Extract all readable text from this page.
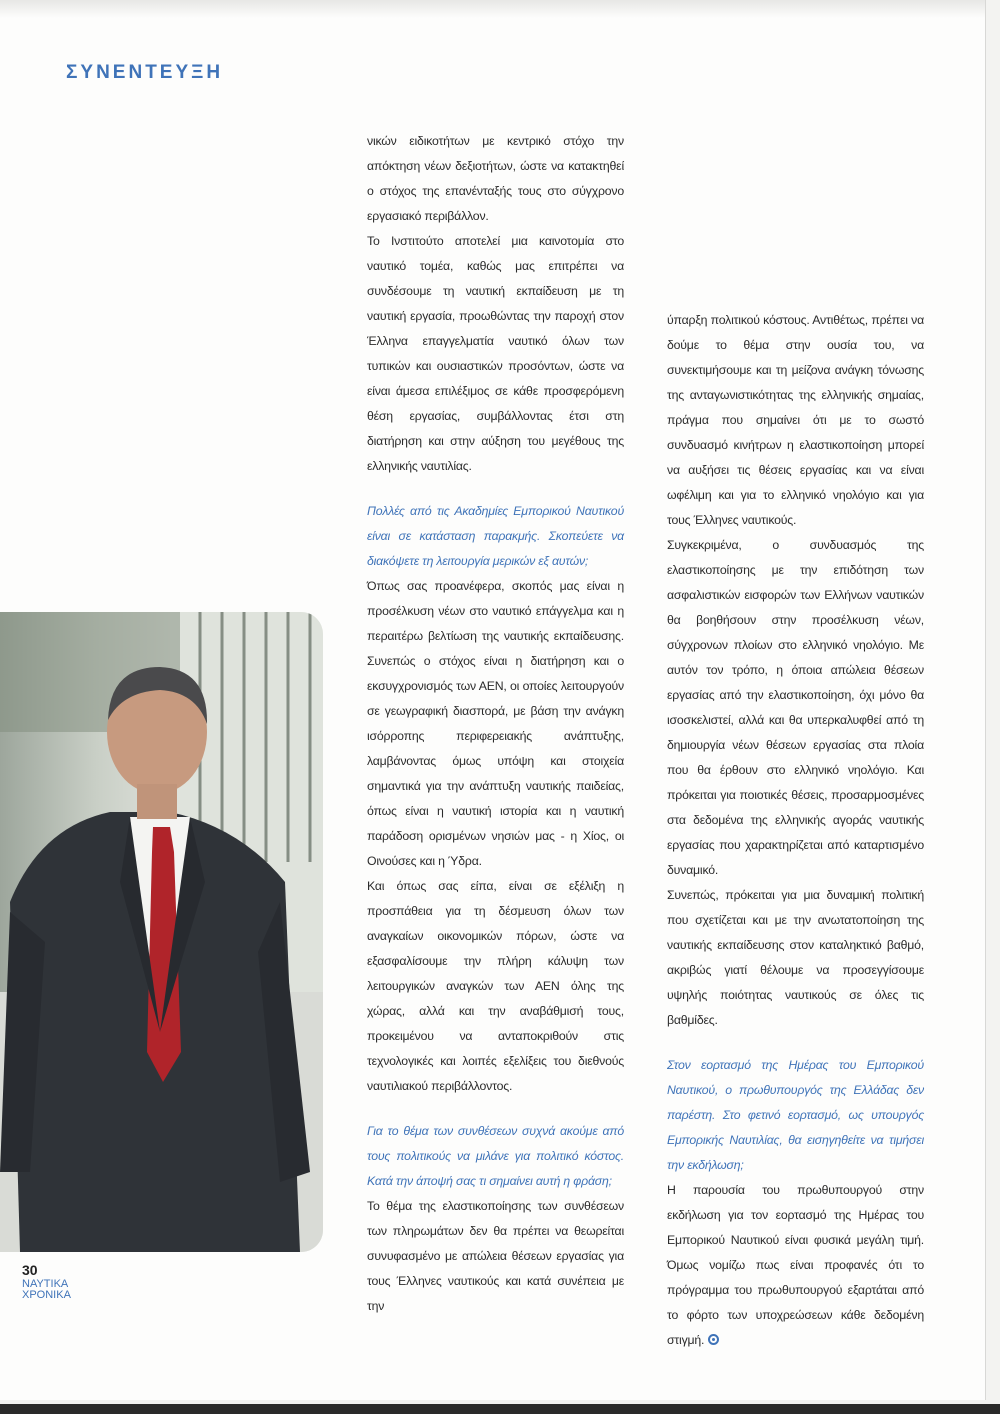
ΣΥΝΕΝΤΕΥΞΗ

νικών ειδικοτήτων με κεντρικό στόχο την απόκτηση νέων δεξιοτήτων, ώστε να κατακτηθεί ο στόχος της επανένταξής τους στο σύγχρονο εργασιακό περιβάλλον.

Το Ινστιτούτο αποτελεί μια καινοτομία στο ναυτικό τομέα, καθώς μας επιτρέπει να συνδέσουμε τη ναυτική εκπαίδευση με τη ναυτική εργασία, προωθώντας την παροχή στον Έλληνα επαγγελματία ναυτικό όλων των τυπικών και ουσιαστικών προσόντων, ώστε να είναι άμεσα επιλέξιμος σε κάθε προσφερόμενη θέση εργασίας, συμβάλλοντας έτσι στη διατήρηση και στην αύξηση του μεγέθους της ελληνικής ναυτιλίας.

Πολλές από τις Ακαδημίες Εμπορικού Ναυτικού είναι σε κατάσταση παρακμής. Σκοπεύετε να διακόψετε τη λειτουργία μερικών εξ αυτών;

Όπως σας προανέφερα, σκοπός μας είναι η προσέλκυση νέων στο ναυτικό επάγγελμα και η περαιτέρω βελτίωση της ναυτικής εκπαίδευσης. Συνεπώς ο στόχος είναι η διατήρηση και ο εκσυγχρονισμός των ΑΕΝ, οι οποίες λειτουργούν σε γεωγραφική διασπορά, με βάση την ανάγκη ισόρροπης περιφερειακής ανάπτυξης, λαμβάνοντας όμως υπόψη και στοιχεία σημαντικά για την ανάπτυξη ναυτικής παιδείας, όπως είναι η ναυτική ιστορία και η ναυτική παράδοση ορισμένων νησιών μας - η Χίος, οι Οινούσες και η Ύδρα.

Και όπως σας είπα, είναι σε εξέλιξη η προσπάθεια για τη δέσμευση όλων των αναγκαίων οικονομικών πόρων, ώστε να εξασφαλίσουμε την πλήρη κάλυψη των λειτουργικών αναγκών των ΑΕΝ όλης της χώρας, αλλά και την αναβάθμισή τους, προκειμένου να ανταποκριθούν στις τεχνολογικές και λοιπές εξελίξεις του διεθνούς ναυτιλιακού περιβάλλοντος.

Για το θέμα των συνθέσεων συχνά ακούμε από τους πολιτικούς να μιλάνε για πολιτικό κόστος. Κατά την άποψή σας τι σημαίνει αυτή η φράση;

Το θέμα της ελαστικοποίησης των συνθέσεων των πληρωμάτων δεν θα πρέπει να θεωρείται συνυφασμένο με απώλεια θέσεων εργασίας για τους Έλληνες ναυτικούς και κατά συνέπεια με την

ύπαρξη πολιτικού κόστους. Αντιθέτως, πρέπει να δούμε το θέμα στην ουσία του, να συνεκτιμήσουμε και τη μείζονα ανάγκη τόνωσης της ανταγωνιστικότητας της ελληνικής σημαίας, πράγμα που σημαίνει ότι με το σωστό συνδυασμό κινήτρων η ελαστικοποίηση μπορεί να αυξήσει τις θέσεις εργασίας και να είναι ωφέλιμη και για το ελληνικό νηολόγιο και για τους Έλληνες ναυτικούς.

Συγκεκριμένα, ο συνδυασμός της ελαστικοποίησης με την επιδότηση των ασφαλιστικών εισφορών των Ελλήνων ναυτικών θα βοηθήσουν στην προσέλκυση νέων, σύγχρονων πλοίων στο ελληνικό νηολόγιο. Με αυτόν τον τρόπο, η όποια απώλεια θέσεων εργασίας από την ελαστικοποίηση, όχι μόνο θα ισοσκελιστεί, αλλά και θα υπερκαλυφθεί από τη δημιουργία νέων θέσεων εργασίας στα πλοία που θα έρθουν στο ελληνικό νηολόγιο. Και πρόκειται για ποιοτικές θέσεις, προσαρμοσμένες στα δεδομένα της ελληνικής αγοράς ναυτικής εργασίας που χαρακτηρίζεται από καταρτισμένο δυναμικό.

Συνεπώς, πρόκειται για μια δυναμική πολιτική που σχετίζεται και με την ανωτατοποίηση της ναυτικής εκπαίδευσης στον καταληκτικό βαθμό, ακριβώς γιατί θέλουμε να προσεγγίσουμε υψηλής ποιότητας ναυτικούς σε όλες τις βαθμίδες.

Στον εορτασμό της Ημέρας του Εμπορικού Ναυτικού, ο πρωθυπουργός της Ελλάδας δεν παρέστη. Στο φετινό εορτασμό, ως υπουργός Εμπορικής Ναυτιλίας, θα εισηγηθείτε να τιμήσει την εκδήλωση;

Η παρουσία του πρωθυπουργού στην εκδήλωση για τον εορτασμό της Ημέρας του Εμπορικού Ναυτικού είναι φυσικά μεγάλη τιμή. Όμως νομίζω πως είναι προφανές ότι το πρόγραμμα του πρωθυπουργού εξαρτάται από το φόρτο των υποχρεώσεων κάθε δεδομένη στιγμή.

30
ΝΑΥΤΙΚΑ
ΧΡΟΝΙΚΑ
